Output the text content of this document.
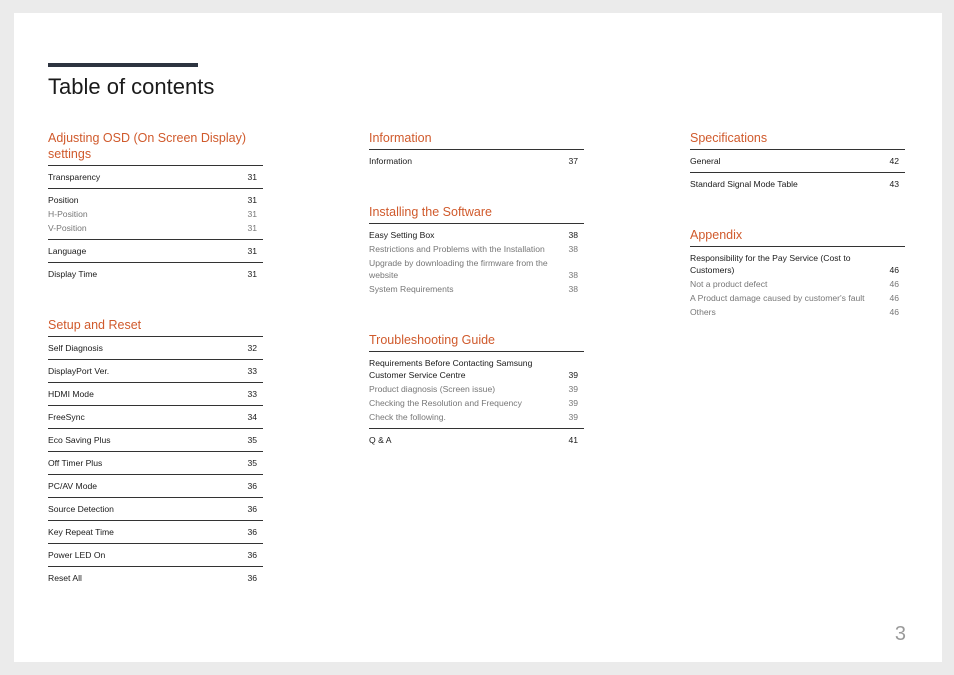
Table of contents
Adjusting OSD (On Screen Display) settings
Transparency	31
Position	31
H-Position	31
V-Position	31
Language	31
Display Time	31
Setup and Reset
Self Diagnosis	32
DisplayPort Ver.	33
HDMI Mode	33
FreeSync	34
Eco Saving Plus	35
Off Timer Plus	35
PC/AV Mode	36
Source Detection	36
Key Repeat Time	36
Power LED On	36
Reset All	36
Information
Information	37
Installing the Software
Easy Setting Box	38
Restrictions and Problems with the Installation	38
Upgrade by downloading the firmware from the website	38
System Requirements	38
Troubleshooting Guide
Requirements Before Contacting Samsung Customer Service Centre	39
Product diagnosis (Screen issue)	39
Checking the Resolution and Frequency	39
Check the following.	39
Q & A	41
Specifications
General	42
Standard Signal Mode Table	43
Appendix
Responsibility for the Pay Service (Cost to Customers)	46
Not a product defect	46
A Product damage caused by customer's fault	46
Others	46
3
